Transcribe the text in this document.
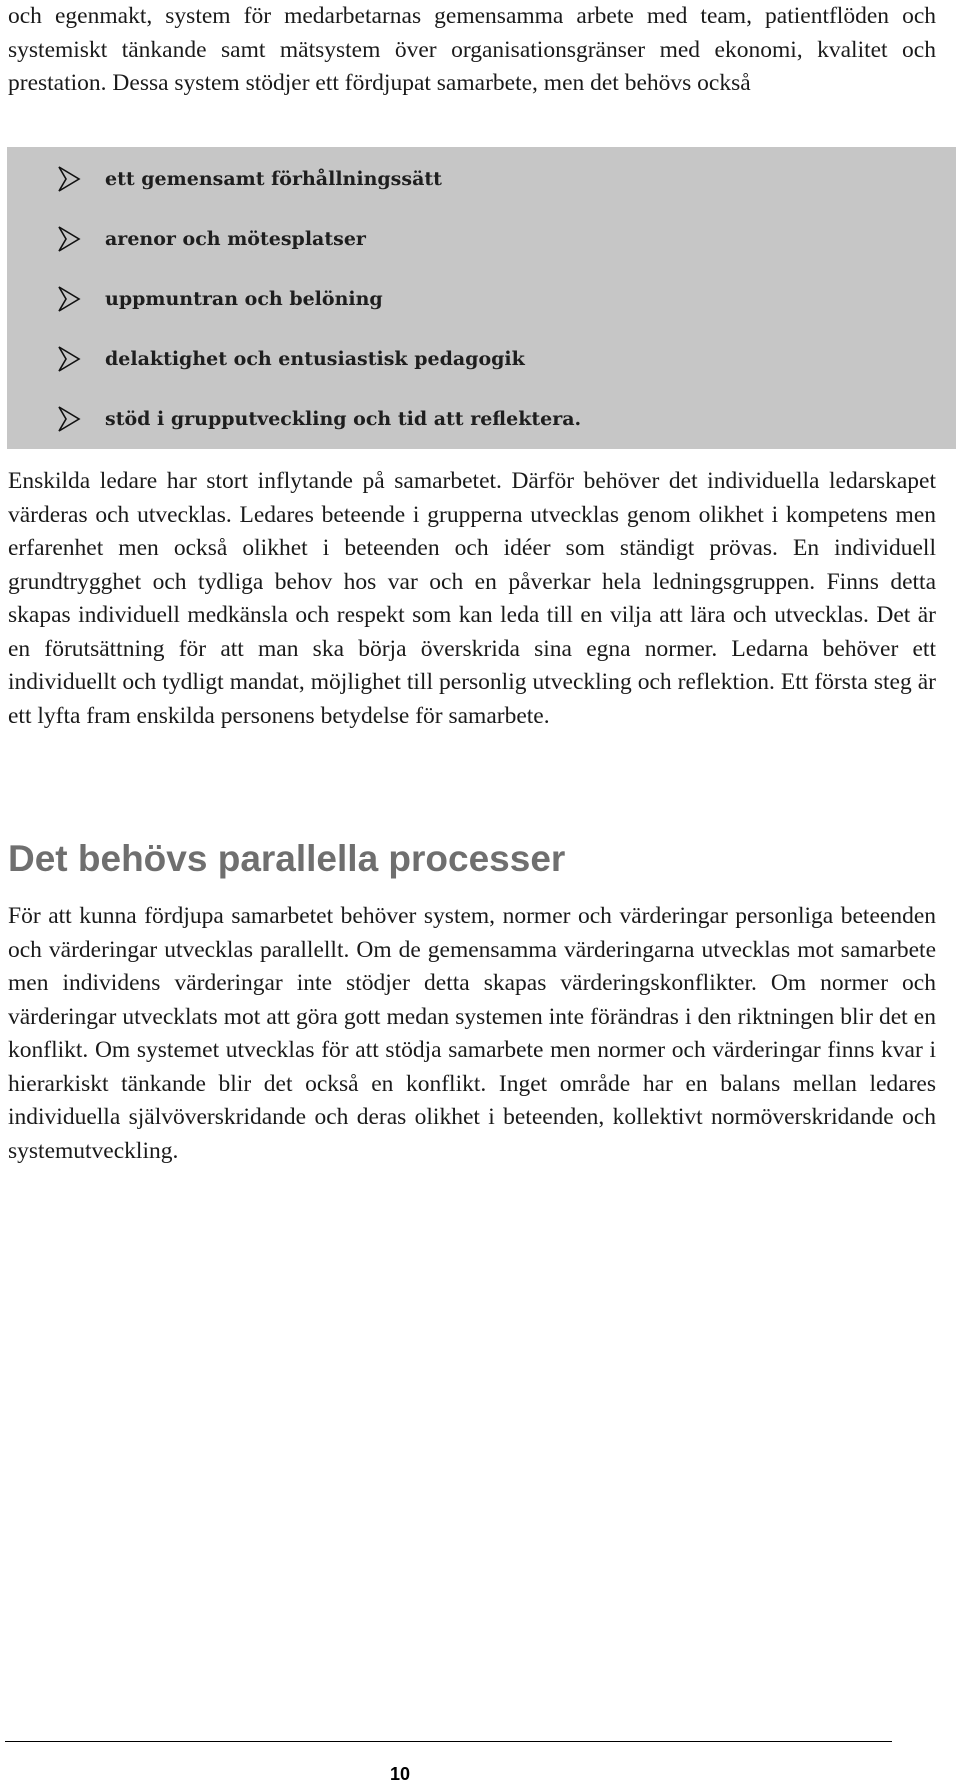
och egenmakt, system för medarbetarnas gemensamma arbete med team, patientflöden och systemiskt tänkande samt mätsystem över organisationsgränser med ekonomi, kvalitet och prestation. Dessa system stödjer ett fördjupat samarbete, men det behövs också

ett gemensamt förhållningssätt
arenor och mötesplatser
uppmuntran och belöning
delaktighet och entusiastisk pedagogik
stöd i grupputveckling och tid att reflektera.

Enskilda ledare har stort inflytande på samarbetet. Därför behöver det individuella ledarskapet värderas och utvecklas. Ledares beteende i grupperna utvecklas genom olikhet i kompetens men erfarenhet men också olikhet i beteenden och idéer som ständigt prövas. En individuell grundtrygghet och tydliga behov hos var och en påverkar hela ledningsgruppen. Finns detta skapas individuell medkänsla och respekt som kan leda till en vilja att lära och utvecklas. Det är en förutsättning för att man ska börja överskrida sina egna normer. Ledarna behöver ett individuellt och tydligt mandat, möjlighet till personlig utveckling och reflektion. Ett första steg är ett lyfta fram enskilda personens betydelse för samarbete.

Det behövs parallella processer

För att kunna fördjupa samarbetet behöver system, normer och värderingar personliga beteenden och värderingar utvecklas parallellt. Om de gemensamma värderingarna utvecklas mot samarbete men individens värderingar inte stödjer detta skapas värderingskonflikter. Om normer och värderingar utvecklats mot att göra gott medan systemen inte förändras i den riktningen blir det en konflikt. Om systemet utvecklas för att stödja samarbete men normer och värderingar finns kvar i hierarkiskt tänkande blir det också en konflikt. Inget område har en balans mellan ledares individuella självöverskridande och deras olikhet i beteenden, kollektivt normöverskridande och systemutveckling.

10
